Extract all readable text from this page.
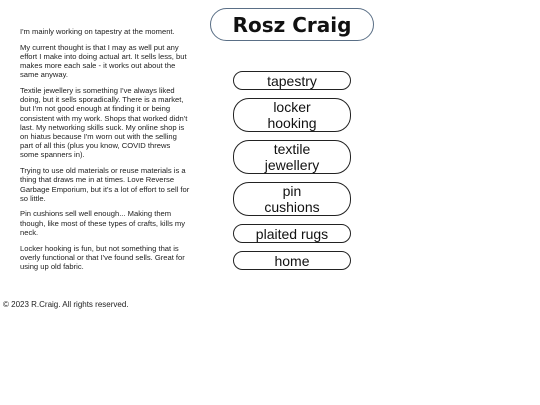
Rosz Craig

I'm mainly working on tapestry at the moment.

My current thought is that I may as well put any effort I make into doing actual art. It sells less, but makes more each sale - it works out about the same anyway.

Textile jewellery is something I've always liked doing, but it sells sporadically. There is a market, but I'm not good enough at finding it or being consistent with my work. Shops that worked didn't last. My networking skills suck. My online shop is on hiatus because I'm worn out with the selling part of all this (plus you know, COVID threws some spanners in).

Trying to use old materials or reuse materials is a thing that draws me in at times. Love Reverse Garbage Emporium, but it's a lot of effort to sell for so little.

Pin cushions sell well enough... Making them though, like most of these types of crafts, kills my neck.

Locker hooking is fun, but not something that is overly functional or that I've found sells. Great for using up old fabric.

tapestry
locker
hooking
textile
jewellery
pin
cushions
plaited rugs
home
© 2023 R.Craig. All rights reserved.
